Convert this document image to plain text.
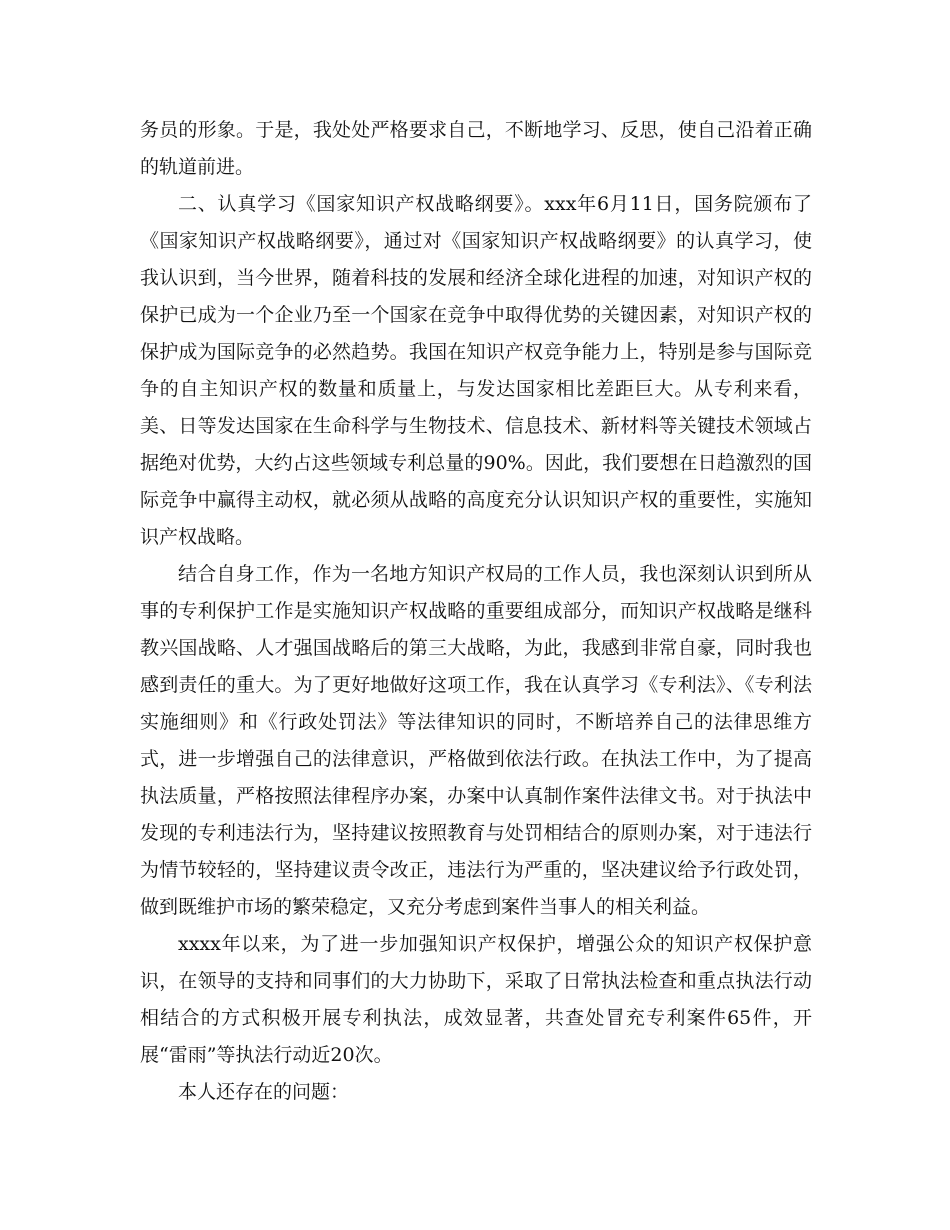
务员的形象。于是，我处处严格要求自己，不断地学习、反思，使自己沿着正确的轨道前进。

二、认真学习《国家知识产权战略纲要》。xxx年6月11日，国务院颁布了《国家知识产权战略纲要》，通过对《国家知识产权战略纲要》的认真学习，使我认识到，当今世界，随着科技的发展和经济全球化进程的加速，对知识产权的保护已成为一个企业乃至一个国家在竞争中取得优势的关键因素，对知识产权的保护成为国际竞争的必然趋势。我国在知识产权竞争能力上，特别是参与国际竞争的自主知识产权的数量和质量上，与发达国家相比差距巨大。从专利来看，美、日等发达国家在生命科学与生物技术、信息技术、新材料等关键技术领域占据绝对优势，大约占这些领域专利总量的90%。因此，我们要想在日趋激烈的国际竞争中赢得主动权，就必须从战略的高度充分认识知识产权的重要性，实施知识产权战略。

结合自身工作，作为一名地方知识产权局的工作人员，我也深刻认识到所从事的专利保护工作是实施知识产权战略的重要组成部分，而知识产权战略是继科教兴国战略、人才强国战略后的第三大战略，为此，我感到非常自豪，同时我也感到责任的重大。为了更好地做好这项工作，我在认真学习《专利法》、《专利法实施细则》和《行政处罚法》等法律知识的同时，不断培养自己的法律思维方式，进一步增强自己的法律意识，严格做到依法行政。在执法工作中，为了提高执法质量，严格按照法律程序办案，办案中认真制作案件法律文书。对于执法中发现的专利违法行为，坚持建议按照教育与处罚相结合的原则办案，对于违法行为情节较轻的，坚持建议责令改正，违法行为严重的，坚决建议给予行政处罚，做到既维护市场的繁荣稳定，又充分考虑到案件当事人的相关利益。

xxxx年以来，为了进一步加强知识产权保护，增强公众的知识产权保护意识，在领导的支持和同事们的大力协助下，采取了日常执法检查和重点执法行动相结合的方式积极开展专利执法，成效显著，共查处冒充专利案件65件，开展“雷雨”等执法行动近20次。

本人还存在的问题：
